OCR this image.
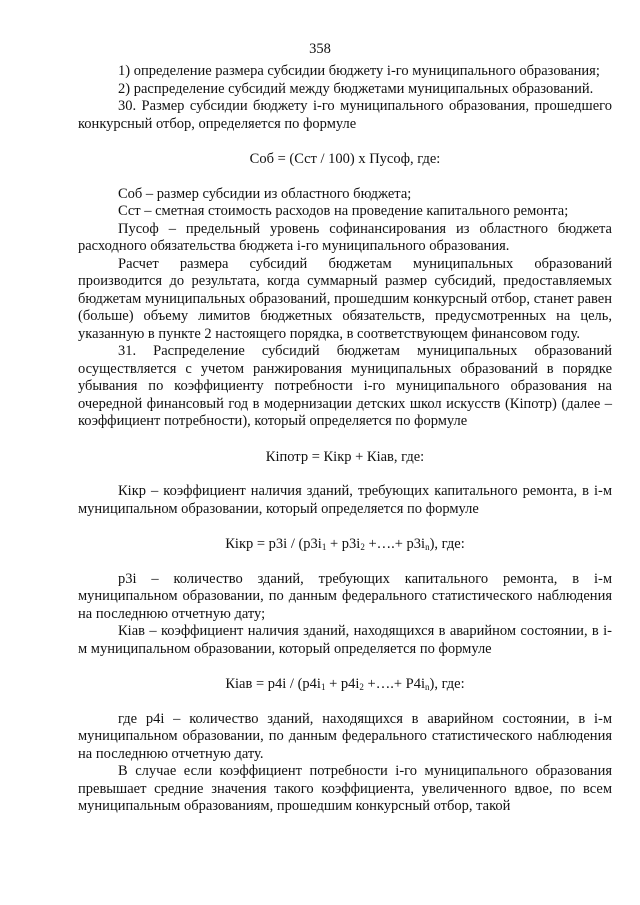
358

1) определение размера субсидии бюджету i-го муниципального образования;

2) распределение субсидий между бюджетами муниципальных образований.

30. Размер субсидии бюджету i-го муниципального образования, прошедшего конкурсный отбор, определяется по формуле

Соб = (Сст / 100) х Пусоф, где:

Соб – размер субсидии из областного бюджета;

Сст – сметная стоимость расходов на проведение капитального ремонта;

Пусоф – предельный уровень софинансирования из областного бюджета расходного обязательства бюджета i-го муниципального образования.

Расчет размера субсидий бюджетам муниципальных образований производится до результата, когда суммарный размер субсидий, предоставляемых бюджетам муниципальных образований, прошедшим конкурсный отбор, станет равен (больше) объему лимитов бюджетных обязательств, предусмотренных на цель, указанную в пункте 2 настоящего порядка, в соответствующем финансовом году.

31. Распределение субсидий бюджетам муниципальных образований осуществляется с учетом ранжирования муниципальных образований в порядке убывания по коэффициенту потребности i-го муниципального образования на очередной финансовый год в модернизации детских школ искусств (Кiпотр) (далее – коэффициент потребности), который определяется по формуле

Кiпотр = Кiкр + Кiав, где:

Кiкр – коэффициент наличия зданий, требующих капитального ремонта, в i-м муниципальном образовании, который определяется по формуле

Кiкр = $р3i / (р3i_1 + р3i_2$ +….+ $р3i_n$), где:

р3i – количество зданий, требующих капитального ремонта, в i-м муниципальном образовании, по данным федерального статистического наблюдения на последнюю отчетную дату;

Кiав – коэффициент наличия зданий, находящихся в аварийном состоянии, в i-м муниципальном образовании, который определяется по формуле

Кiав = $р4i / (р4i_1 + р4i_2$ +….+ $Р4i_n$), где:

где р4i – количество зданий, находящихся в аварийном состоянии, в i-м муниципальном образовании, по данным федерального статистического наблюдения на последнюю отчетную дату.

В случае если коэффициент потребности i-го муниципального образования превышает средние значения такого коэффициента, увеличенного вдвое, по всем муниципальным образованиям, прошедшим конкурсный отбор, такой
